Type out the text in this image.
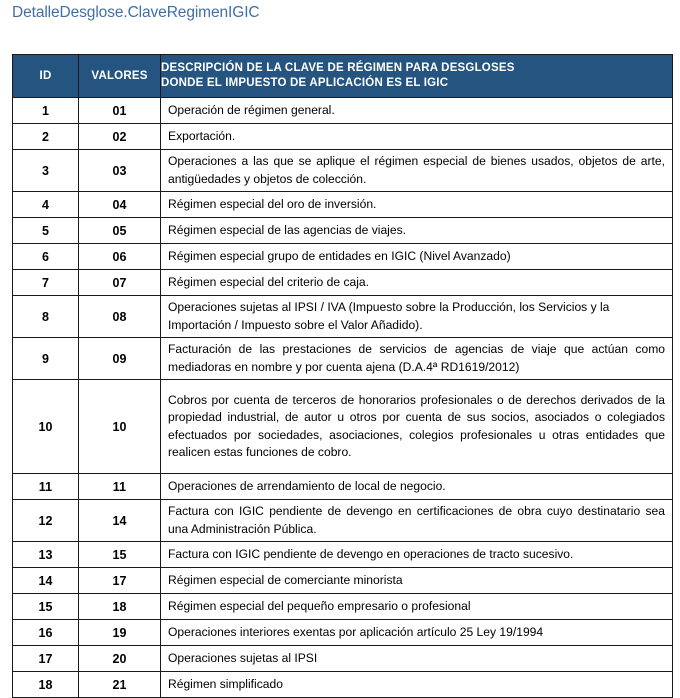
DetalleDesglose.ClaveRegimenIGIC
ID	VALORES	DESCRIPCIÓN DE LA CLAVE DE RÉGIMEN PARA DESGLOSES
DONDE EL IMPUESTO DE APLICACIÓN ES EL IGIC

1	01	Operación de régimen general.
2	02	Exportación.
3	03	Operaciones a las que se aplique el régimen especial de bienes usados, objetos de arte, antigüedades y objetos de colección.
4	04	Régimen especial del oro de inversión.
5	05	Régimen especial de las agencias de viajes.
6	06	Régimen especial grupo de entidades en IGIC (Nivel Avanzado)
7	07	Régimen especial del criterio de caja.
8	08	Operaciones sujetas al IPSI / IVA (Impuesto sobre la Producción, los Servicios y la Importación / Impuesto sobre el Valor Añadido).
9	09	Facturación de las prestaciones de servicios de agencias de viaje que actúan como mediadoras en nombre y por cuenta ajena (D.A.4ª RD1619/2012)
10	10	Cobros por cuenta de terceros de honorarios profesionales o de derechos derivados de la propiedad industrial, de autor u otros por cuenta de sus socios, asociados o colegiados efectuados por sociedades, asociaciones, colegios profesionales u otras entidades que realicen estas funciones de cobro.
11	11	Operaciones de arrendamiento de local de negocio.
12	14	Factura con IGIC pendiente de devengo en certificaciones de obra cuyo destinatario sea una Administración Pública.
13	15	Factura con IGIC pendiente de devengo en operaciones de tracto sucesivo.
14	17	Régimen especial de comerciante minorista
15	18	Régimen especial del pequeño empresario o profesional
16	19	Operaciones interiores exentas por aplicación artículo 25 Ley 19/1994
17	20	Operaciones sujetas al IPSI
18	21	Régimen simplificado
